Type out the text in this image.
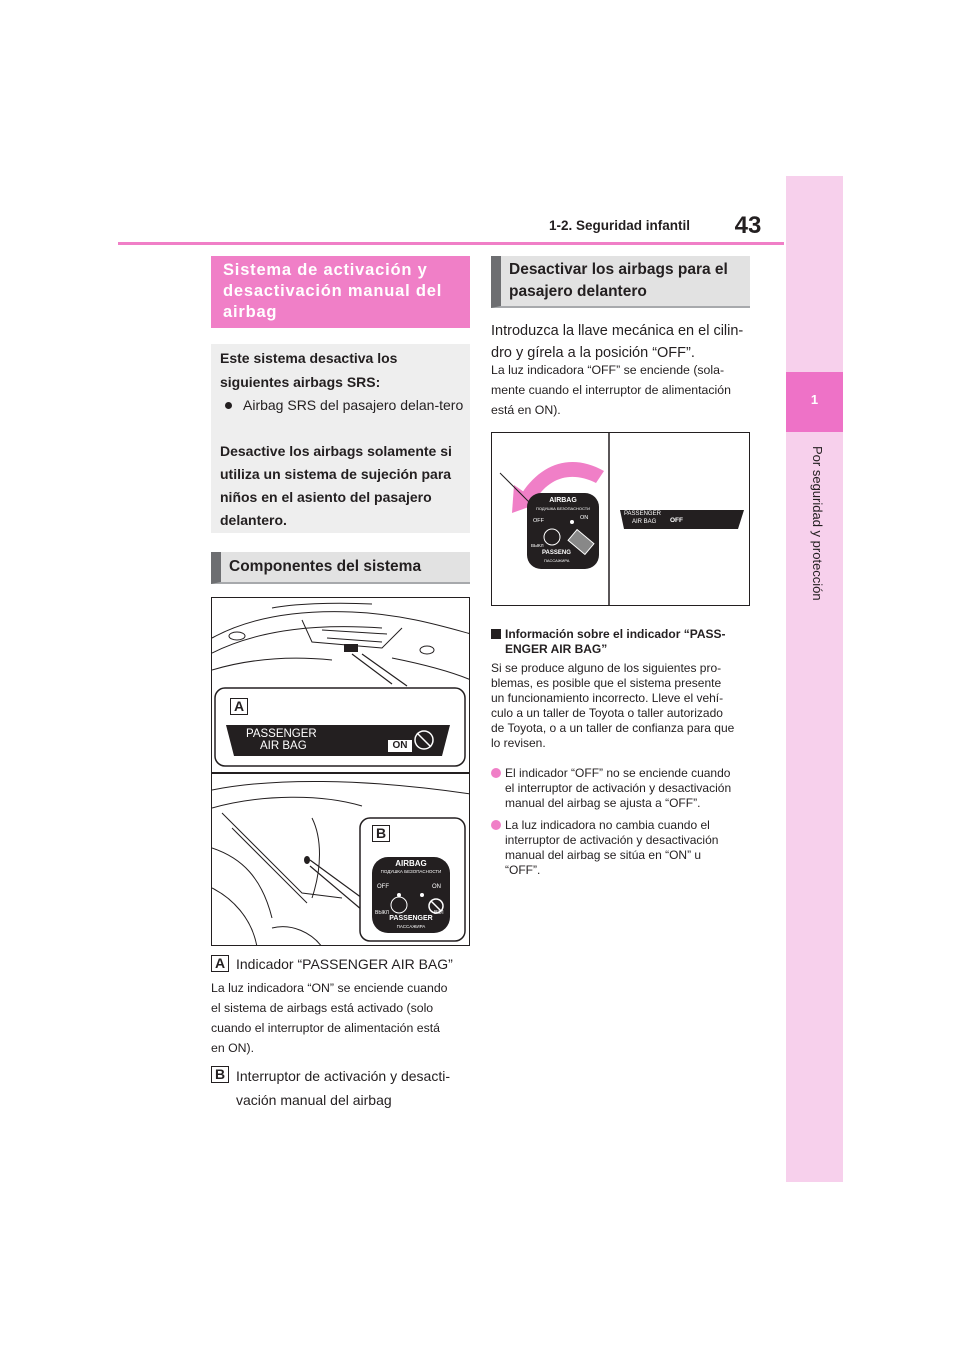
1-2. Seguridad infantil	43
1
Por seguridad y protección
Sistema de activación y desactivación manual del airbag

Este sistema desactiva los

siguientes airbags SRS:

Airbag SRS del pasajero delan-tero

Desactive los airbags solamente si

utiliza un sistema de sujeción para

niños en el asiento del pasajero

delantero.

Componentes del sistema
A
B
PASSENGER
AIR BAG	ON
AIRBAG
ПОДУШКА БЕЗОПАСНОСТИ
OFF	ON
ВЫКЛ	ВКЛ
PASSENGER
ПАССАЖИРА
A Indicador “PASSENGER AIR BAG”
La luz indicadora “ON” se enciende cuando
el sistema de airbags está activado (solo
cuando el interruptor de alimentación está
en ON).
B Interruptor de activación y desacti-
vación manual del airbag
Desactivar los airbags para el pasajero delantero
Introduzca la llave mecánica en el cilin-
dro y gírela a la posición “OFF”.
La luz indicadora “OFF” se enciende (sola-
mente cuando el interruptor de alimentación
está en ON).
AIRBAG
ПОДУШКА БЕЗОПАСНОСТИ
OFF	ON
ВЫКЛ
PASSENG
ПАССАЖИРА
PASSENGER
AIR BAG OFF
Información sobre el indicador “PASS-
ENGER AIR BAG”
Si se produce alguno de los siguientes pro-
blemas, es posible que el sistema presente
un funcionamiento incorrecto. Lleve el vehí-
culo a un taller de Toyota o taller autorizado
de Toyota, o a un taller de confianza para que
lo revisen.
El indicador “OFF” no se enciende cuando
el interruptor de activación y desactivación
manual del airbag se ajusta a “OFF”.
La luz indicadora no cambia cuando el
interruptor de activación y desactivación
manual del airbag se sitúa en “ON” u
“OFF”.
